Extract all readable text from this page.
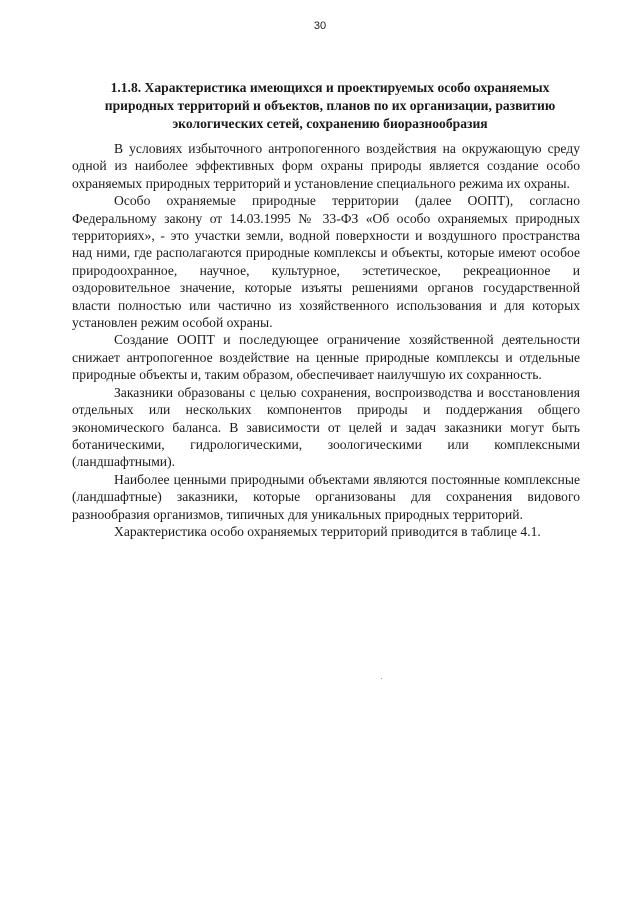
30
1.1.8. Характеристика имеющихся и проектируемых особо охраняемых природных территорий и объектов, планов по их организации, развитию экологических сетей, сохранению биоразнообразия

В условиях избыточного антропогенного воздействия на окружающую среду одной из наиболее эффективных форм охраны природы является создание особо охраняемых природных территорий и установление специального режима их охраны.

Особо охраняемые природные территории (далее ООПТ), согласно Федеральному закону от 14.03.1995 № 33-ФЗ «Об особо охраняемых природных территориях», - это участки земли, водной поверхности и воздушного пространства над ними, где располагаются природные комплексы и объекты, которые имеют особое природоохранное, научное, культурное, эстетическое, рекреационное и оздоровительное значение, которые изъяты решениями органов государственной власти полностью или частично из хозяйственного использования и для которых установлен режим особой охраны.

Создание ООПТ и последующее ограничение хозяйственной деятельности снижает антропогенное воздействие на ценные природные комплексы и отдельные природные объекты и, таким образом, обеспечивает наилучшую их сохранность.

Заказники образованы с целью сохранения, воспроизводства и восстановления отдельных или нескольких компонентов природы и поддержания общего экономического баланса. В зависимости от целей и задач заказники могут быть ботаническими, гидрологическими, зоологическими или комплексными (ландшафтными).

Наиболее ценными природными объектами являются постоянные комплексные (ландшафтные) заказники, которые организованы для сохранения видового разнообразия организмов, типичных для уникальных природных территорий.

Характеристика особо охраняемых территорий приводится в таблице 4.1.
